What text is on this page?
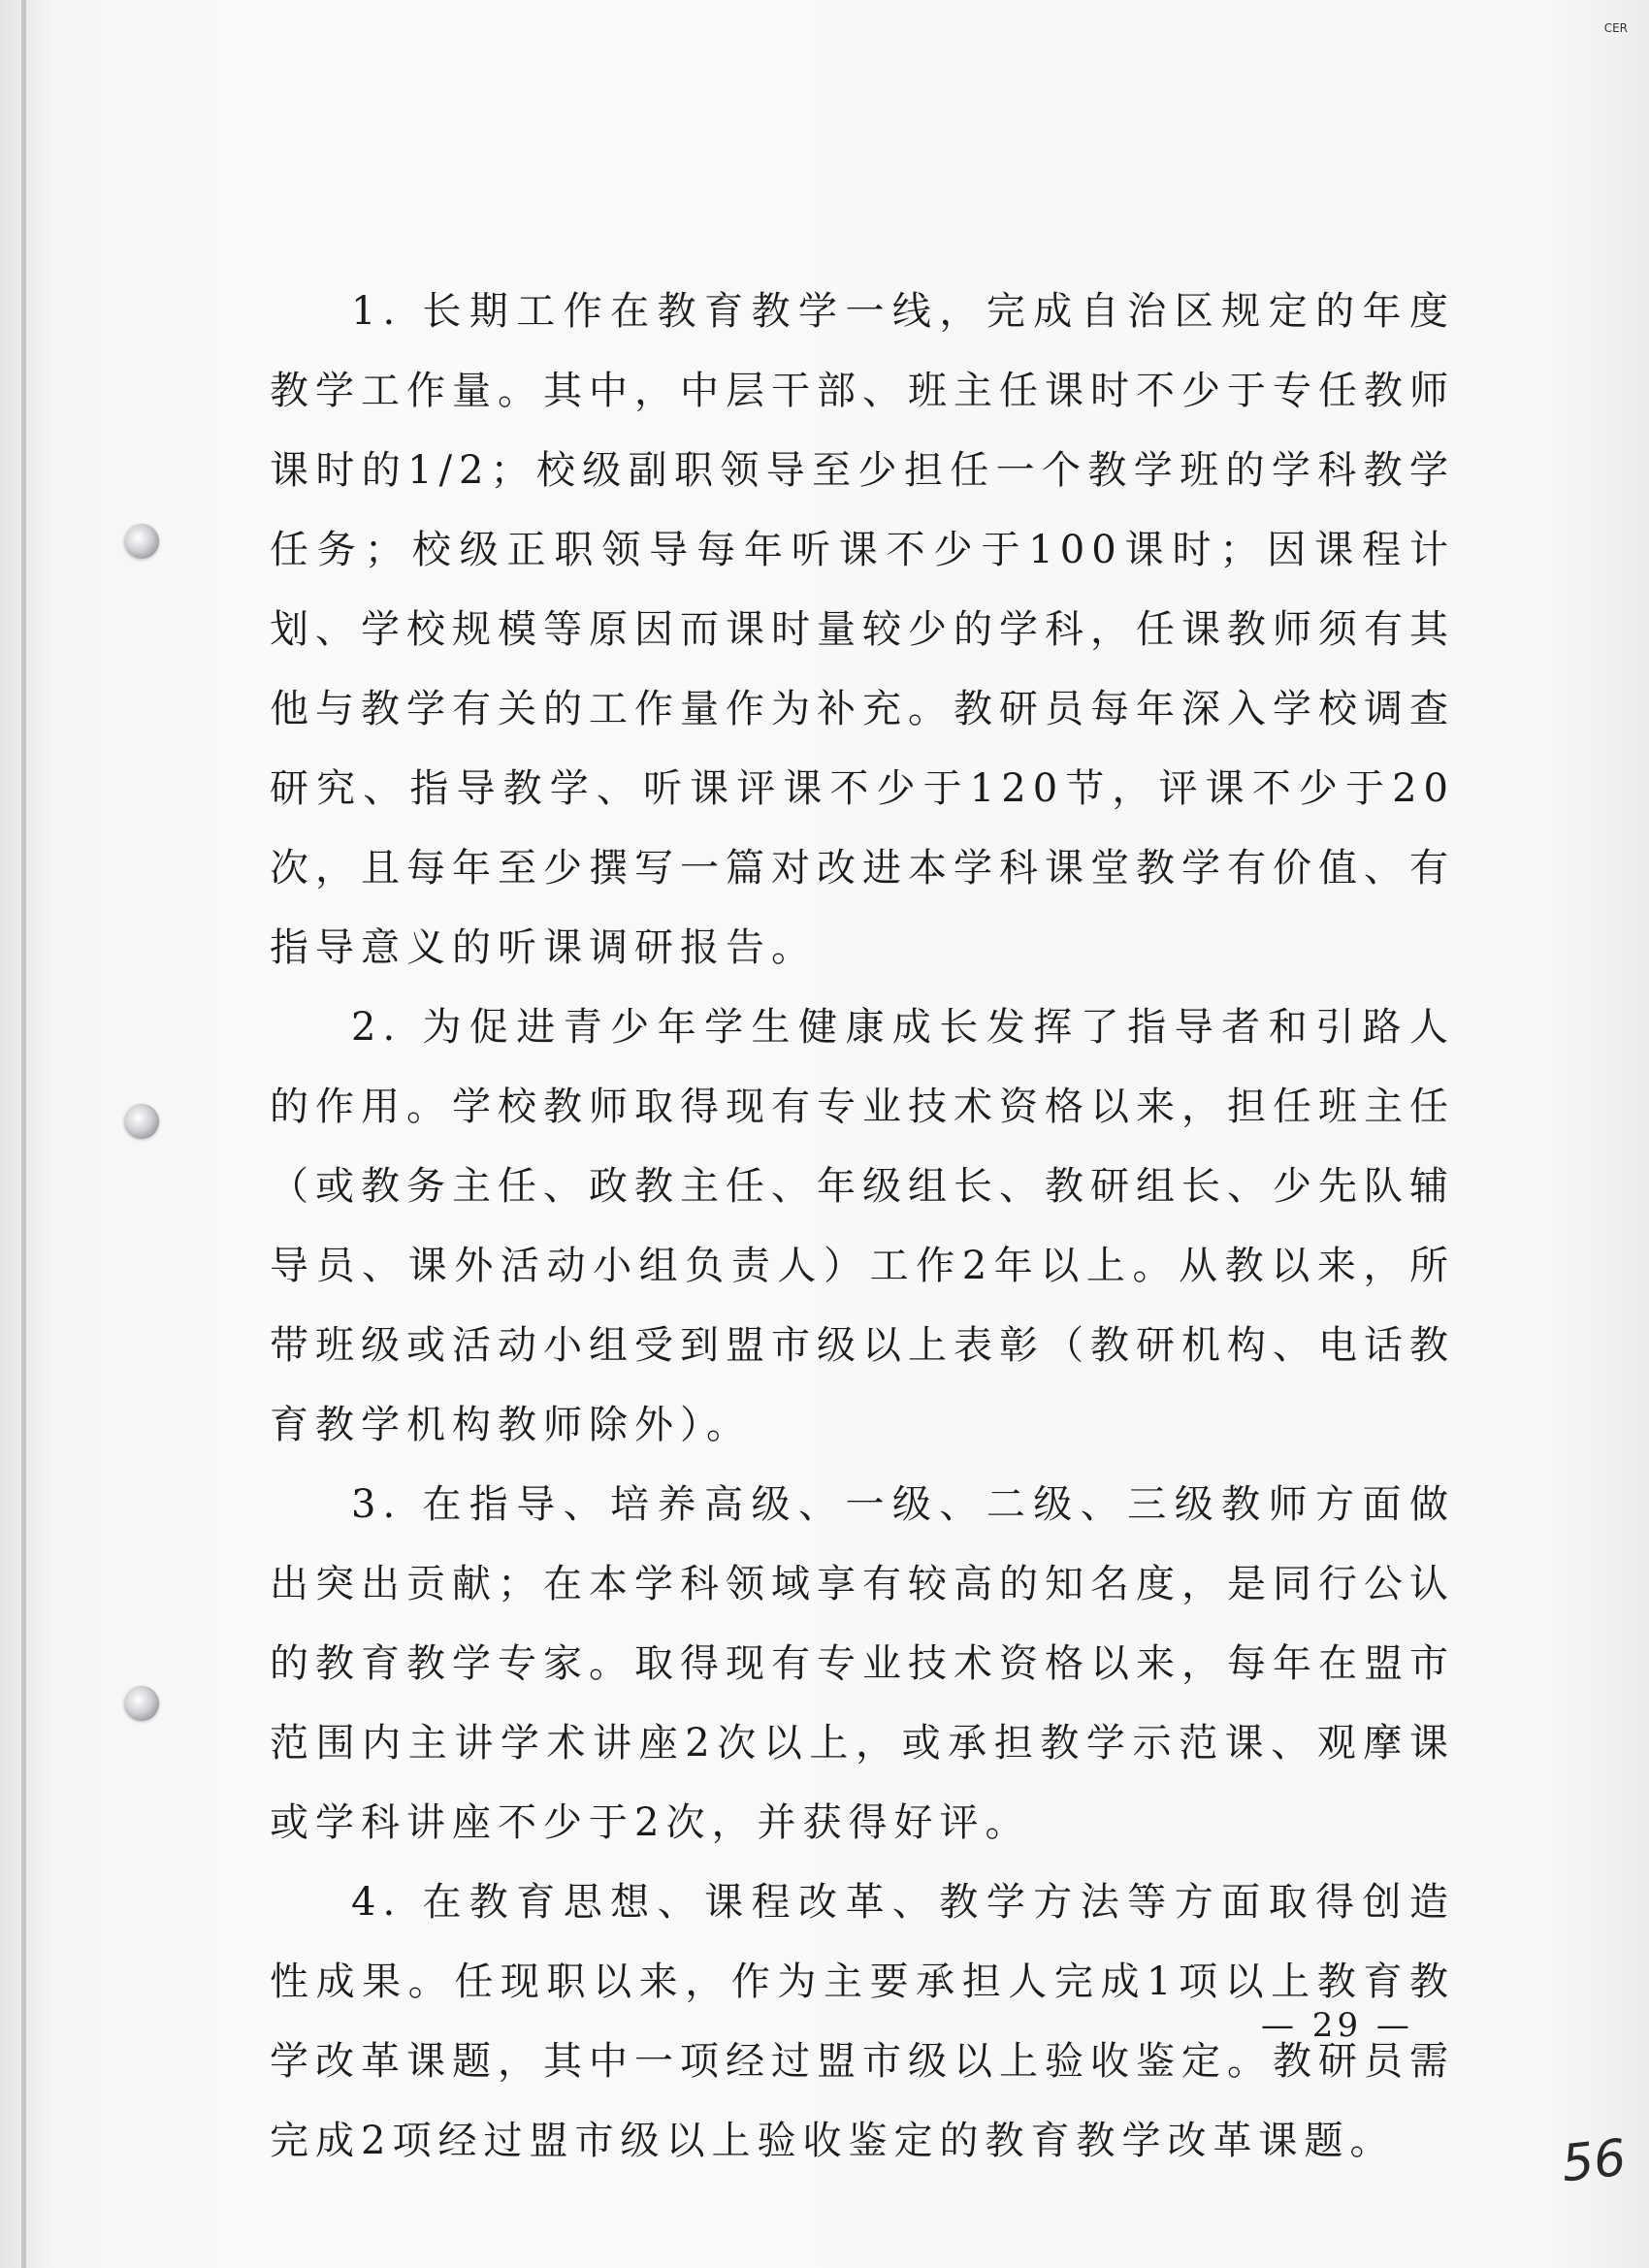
CER

1. 长期工作在教育教学一线，完成自治区规定的年度教学工作量。其中，中层干部、班主任课时不少于专任教师课时的1/2；校级副职领导至少担任一个教学班的学科教学任务；校级正职领导每年听课不少于100课时；因课程计划、学校规模等原因而课时量较少的学科，任课教师须有其他与教学有关的工作量作为补充。教研员每年深入学校调查研究、指导教学、听课评课不少于120节，评课不少于20次，且每年至少撰写一篇对改进本学科课堂教学有价值、有指导意义的听课调研报告。

2. 为促进青少年学生健康成长发挥了指导者和引路人的作用。学校教师取得现有专业技术资格以来，担任班主任（或教务主任、政教主任、年级组长、教研组长、少先队辅导员、课外活动小组负责人）工作2年以上。从教以来，所带班级或活动小组受到盟市级以上表彰（教研机构、电话教育教学机构教师除外）。

3. 在指导、培养高级、一级、二级、三级教师方面做出突出贡献；在本学科领域享有较高的知名度，是同行公认的教育教学专家。取得现有专业技术资格以来，每年在盟市范围内主讲学术讲座2次以上，或承担教学示范课、观摩课或学科讲座不少于2次，并获得好评。

4. 在教育思想、课程改革、教学方法等方面取得创造性成果。任现职以来，作为主要承担人完成1项以上教育教学改革课题，其中一项经过盟市级以上验收鉴定。教研员需完成2项经过盟市级以上验收鉴定的教育教学改革课题。

— 29 —
56
